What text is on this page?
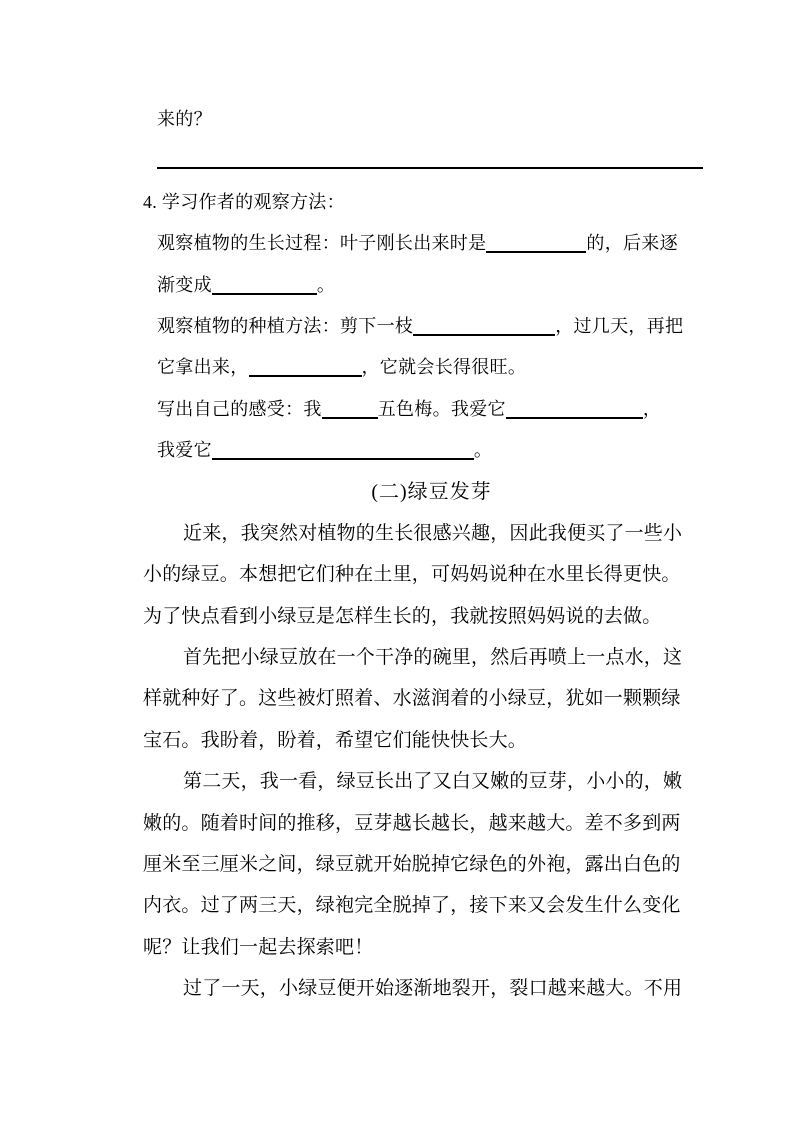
来的？
4. 学习作者的观察方法：
观察植物的生长过程：叶子刚长出来时是	的，后来逐
渐变成	。
观察植物的种植方法：剪下一枝	，过几天，再把
它拿出来，	，它就会长得很旺。
写出自己的感受：我	五色梅。我爱它	，
我爱它	。
(二)绿豆发芽
近来，我突然对植物的生长很感兴趣，因此我便买了一些小
小的绿豆。本想把它们种在土里，可妈妈说种在水里长得更快。
为了快点看到小绿豆是怎样生长的，我就按照妈妈说的去做。
首先把小绿豆放在一个干净的碗里，然后再喷上一点水，这
样就种好了。这些被灯照着、水滋润着的小绿豆，犹如一颗颗绿
宝石。我盼着，盼着，希望它们能快快长大。
第二天，我一看，绿豆长出了又白又嫩的豆芽，小小的，嫩
嫩的。随着时间的推移，豆芽越长越长，越来越大。差不多到两
厘米至三厘米之间，绿豆就开始脱掉它绿色的外袍，露出白色的
内衣。过了两三天，绿袍完全脱掉了，接下来又会发生什么变化
呢？让我们一起去探索吧！
过了一天，小绿豆便开始逐渐地裂开，裂口越来越大。不用
